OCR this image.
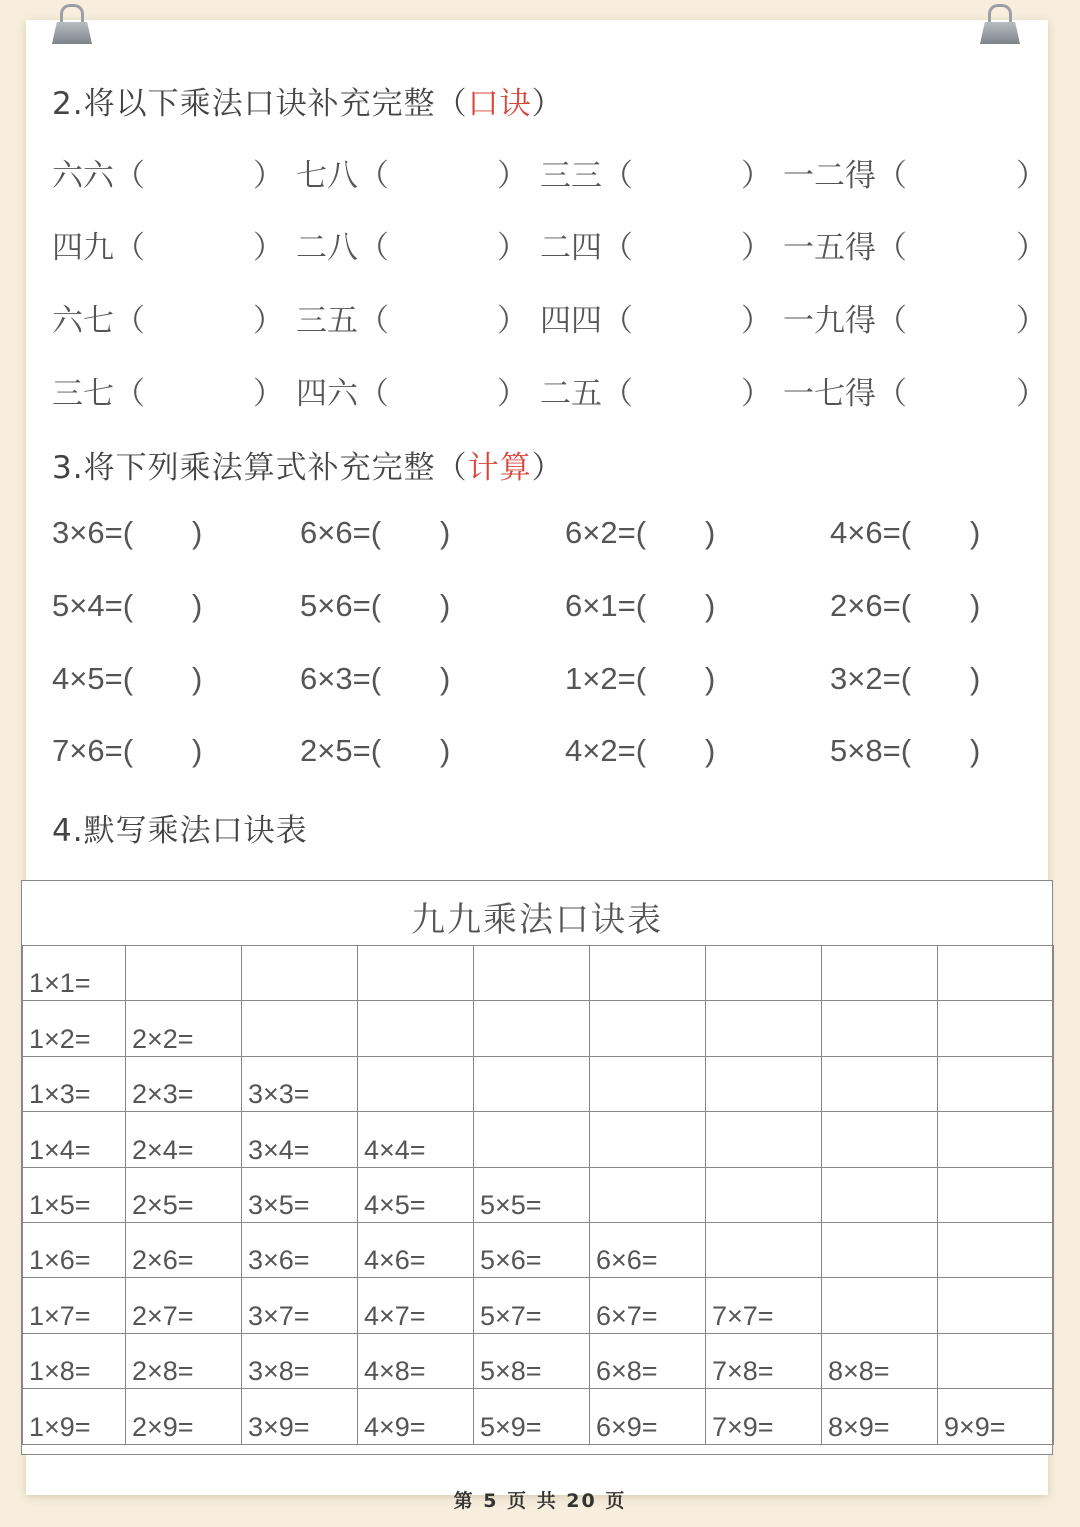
2.将以下乘法口诀补充完整（口诀）
六六（	） 七八（	） 三三（	） 一二得（	）
四九（	） 二八（	） 二四（	） 一五得（	）
六七（	） 三五（	） 四四（	） 一九得（	）
三七（	） 四六（	） 二五（	） 一七得（	）
3.将下列乘法算式补充完整（计算）
3×6=( )	6×6=( )	6×2=( )	4×6=( )
5×4=( )	5×6=( )	6×1=( )	2×6=( )
4×5=( )	6×3=( )	1×2=( )	3×2=( )
7×6=( )	2×5=( )	4×2=( )	5×8=( )
4.默写乘法口诀表
九九乘法口诀表
1×1=								
1×2=	2×2=							
1×3=	2×3=	3×3=						
1×4=	2×4=	3×4=	4×4=					
1×5=	2×5=	3×5=	4×5=	5×5=				
1×6=	2×6=	3×6=	4×6=	5×6=	6×6=			
1×7=	2×7=	3×7=	4×7=	5×7=	6×7=	7×7=		
1×8=	2×8=	3×8=	4×8=	5×8=	6×8=	7×8=	8×8=	
1×9=	2×9=	3×9=	4×9=	5×9=	6×9=	7×9=	8×9=	9×9=
第 5 页 共 20 页
